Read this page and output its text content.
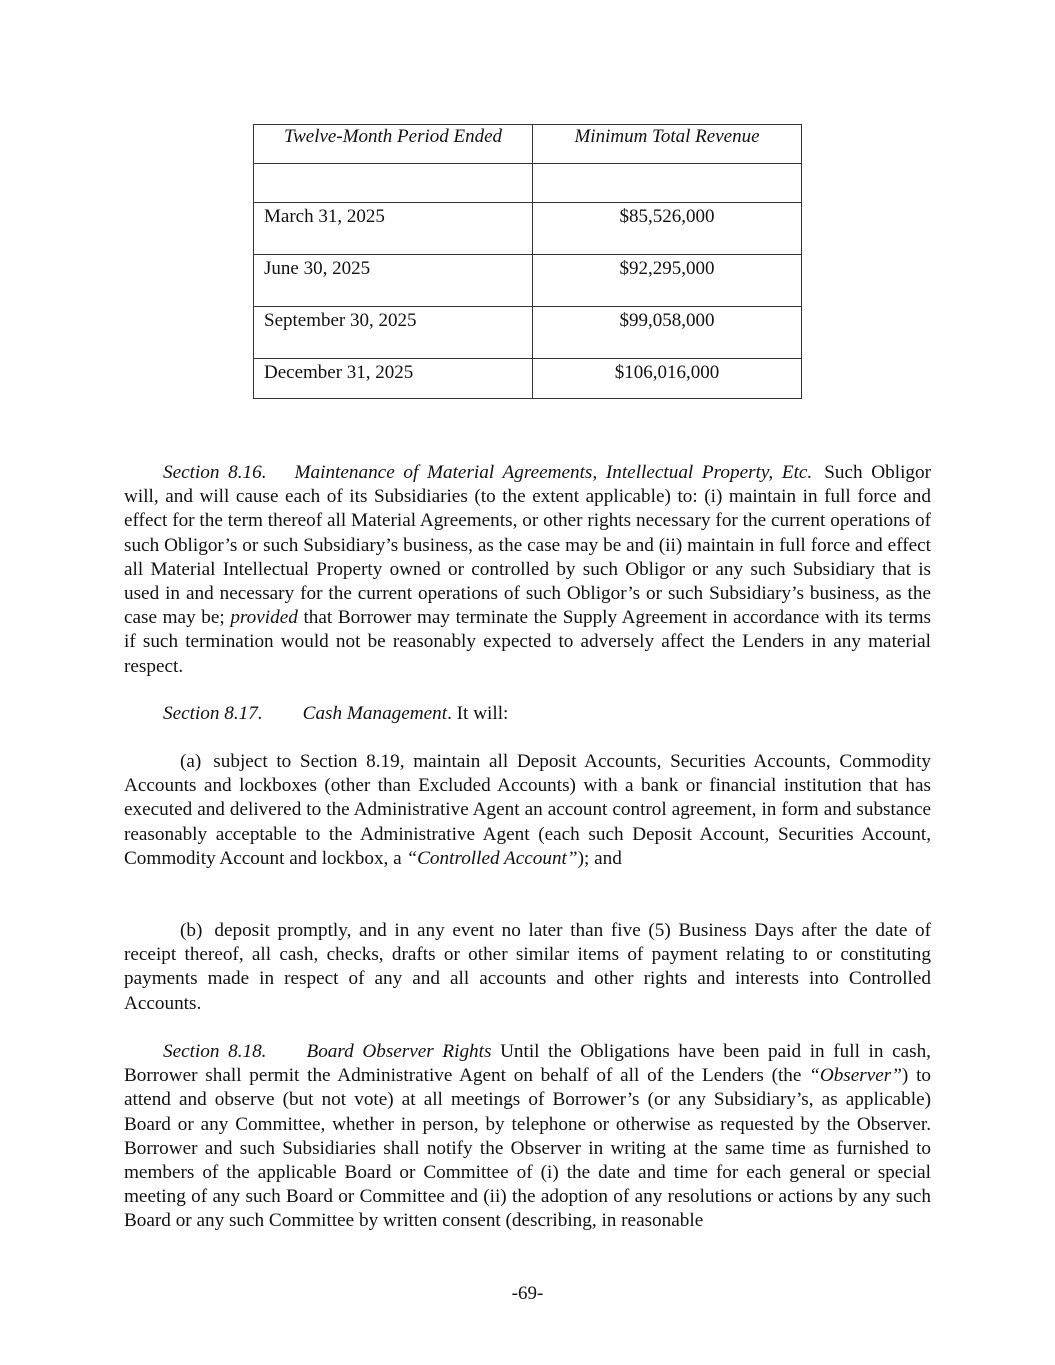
Twelve-Month Period Ended	Minimum Total Revenue

March 31, 2025	$85,526,000
June 30, 2025	$92,295,000
September 30, 2025	$99,058,000
December 31, 2025	$106,016,000

Section 8.16. Maintenance of Material Agreements, Intellectual Property, Etc. Such Obligor will, and will cause each of its Subsidiaries (to the extent applicable) to: (i) maintain in full force and effect for the term thereof all Material Agreements, or other rights necessary for the current operations of such Obligor’s or such Subsidiary’s business, as the case may be and (ii) maintain in full force and effect all Material Intellectual Property owned or controlled by such Obligor or any such Subsidiary that is used in and necessary for the current operations of such Obligor’s or such Subsidiary’s business, as the case may be; provided that Borrower may terminate the Supply Agreement in accordance with its terms if such termination would not be reasonably expected to adversely affect the Lenders in any material respect.

Section 8.17. Cash Management. It will:

(a) subject to Section 8.19, maintain all Deposit Accounts, Securities Accounts, Commodity Accounts and lockboxes (other than Excluded Accounts) with a bank or financial institution that has executed and delivered to the Administrative Agent an account control agreement, in form and substance reasonably acceptable to the Administrative Agent (each such Deposit Account, Securities Account, Commodity Account and lockbox, a “Controlled Account”); and

(b) deposit promptly, and in any event no later than five (5) Business Days after the date of receipt thereof, all cash, checks, drafts or other similar items of payment relating to or constituting payments made in respect of any and all accounts and other rights and interests into Controlled Accounts.

Section 8.18. Board Observer Rights Until the Obligations have been paid in full in cash, Borrower shall permit the Administrative Agent on behalf of all of the Lenders (the “Observer”) to attend and observe (but not vote) at all meetings of Borrower’s (or any Subsidiary’s, as applicable) Board or any Committee, whether in person, by telephone or otherwise as requested by the Observer. Borrower and such Subsidiaries shall notify the Observer in writing at the same time as furnished to members of the applicable Board or Committee of (i) the date and time for each general or special meeting of any such Board or Committee and (ii) the adoption of any resolutions or actions by any such Board or any such Committee by written consent (describing, in reasonable

-69-
